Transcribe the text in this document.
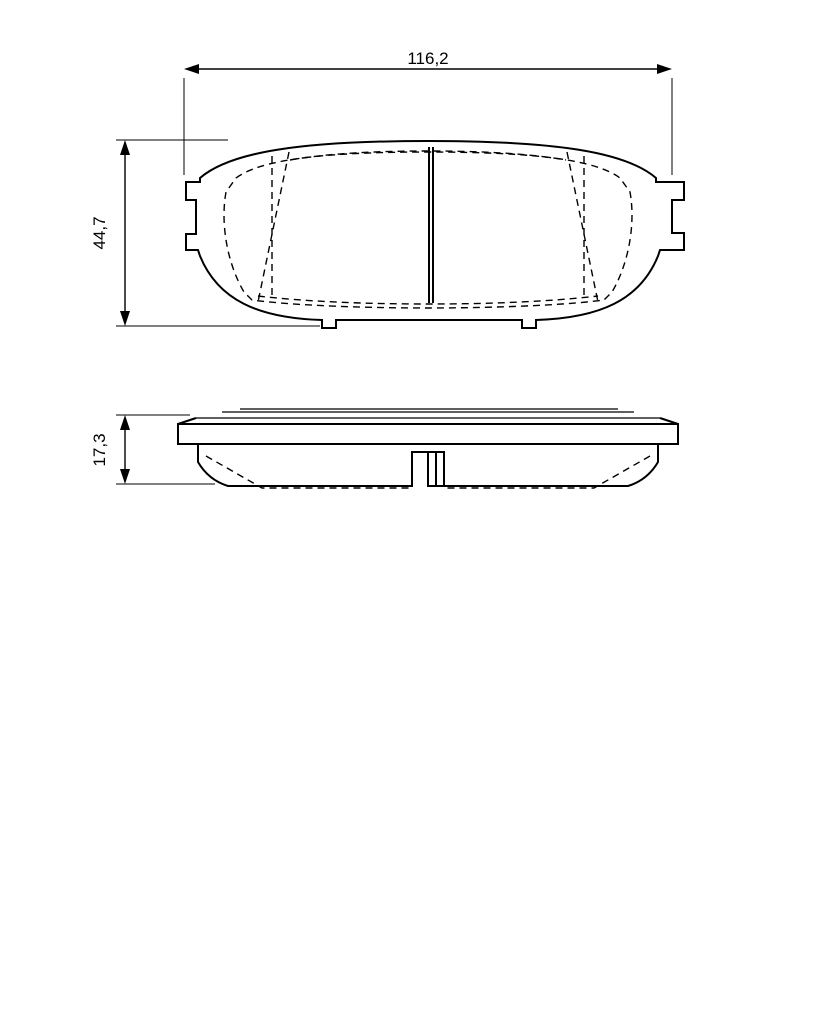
116,2
44,7
17,3
